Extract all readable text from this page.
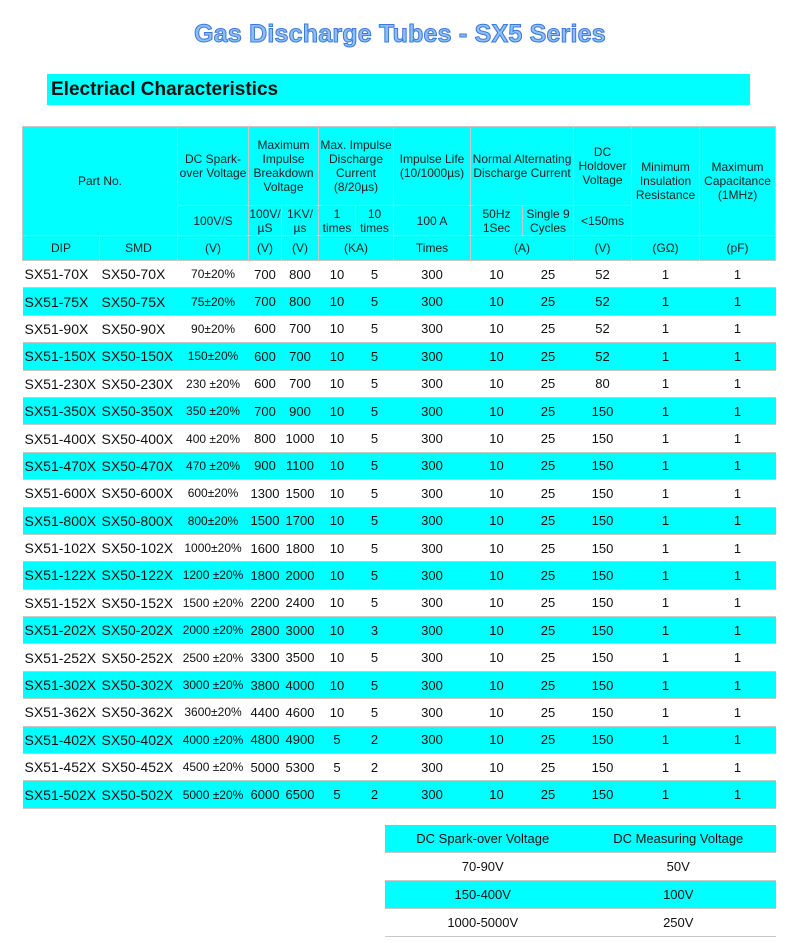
Gas Discharge Tubes - SX5 Series
Electriacl Characteristics
Part No.		DC Spark-over Voltage	Maximum Impulse Breakdown Voltage		Max. Impulse Discharge Current (8/20µs)		Impulse Life (10/1000µs)	Normal Alternating Discharge Current		DC Holdover Voltage	Minimum Insulation Resistance	Maximum Capacitance (1MHz)
		100V/S	100V/ µS	1KV/ µs	1 times	10 times	100 A	50Hz 1Sec	Single 9 Cycles	<150ms		
DIP	SMD	(V)	(V)	(V)	(KA)		Times	(A)		(V)	(GΩ)	(pF)
SX51-70X	SX50-70X	70±20%	700	800	10	5	300	10	25	52	1	1
SX51-75X	SX50-75X	75±20%	700	800	10	5	300	10	25	52	1	1
SX51-90X	SX50-90X	90±20%	600	700	10	5	300	10	25	52	1	1
SX51-150X	SX50-150X	150±20%	600	700	10	5	300	10	25	52	1	1
SX51-230X	SX50-230X	230 ±20%	600	700	10	5	300	10	25	80	1	1
SX51-350X	SX50-350X	350 ±20%	700	900	10	5	300	10	25	150	1	1
SX51-400X	SX50-400X	400 ±20%	800	1000	10	5	300	10	25	150	1	1
SX51-470X	SX50-470X	470 ±20%	900	1100	10	5	300	10	25	150	1	1
SX51-600X	SX50-600X	600±20%	1300	1500	10	5	300	10	25	150	1	1
SX51-800X	SX50-800X	800±20%	1500	1700	10	5	300	10	25	150	1	1
SX51-102X	SX50-102X	1000±20%	1600	1800	10	5	300	10	25	150	1	1
SX51-122X	SX50-122X	1200 ±20%	1800	2000	10	5	300	10	25	150	1	1
SX51-152X	SX50-152X	1500 ±20%	2200	2400	10	5	300	10	25	150	1	1
SX51-202X	SX50-202X	2000 ±20%	2800	3000	10	3	300	10	25	150	1	1
SX51-252X	SX50-252X	2500 ±20%	3300	3500	10	5	300	10	25	150	1	1
SX51-302X	SX50-302X	3000 ±20%	3800	4000	10	5	300	10	25	150	1	1
SX51-362X	SX50-362X	3600±20%	4400	4600	10	5	300	10	25	150	1	1
SX51-402X	SX50-402X	4000 ±20%	4800	4900	5	2	300	10	25	150	1	1
SX51-452X	SX50-452X	4500 ±20%	5000	5300	5	2	300	10	25	150	1	1
SX51-502X	SX50-502X	5000 ±20%	6000	6500	5	2	300	10	25	150	1	1
DC Spark-over Voltage	DC Measuring Voltage
70-90V	50V
150-400V	100V
1000-5000V	250V
